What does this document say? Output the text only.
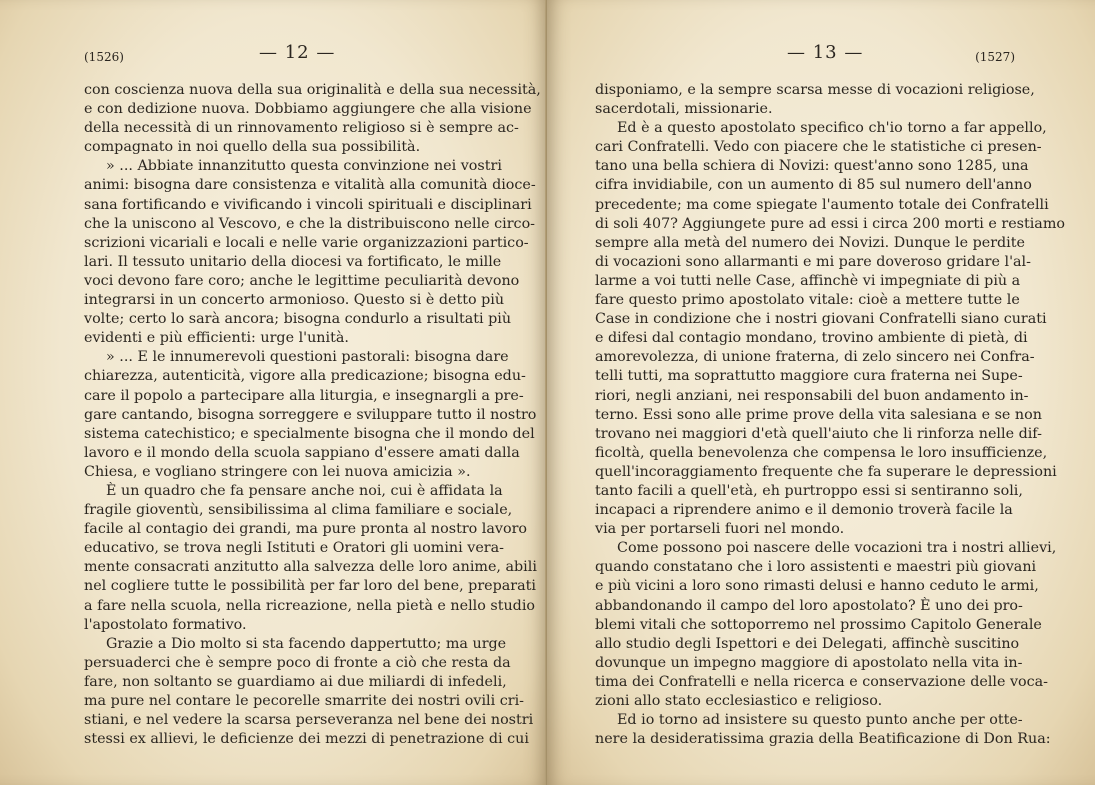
(1526)	— 12 —
con coscienza nuova della sua originalità e della sua necessità,
e con dedizione nuova. Dobbiamo aggiungere che alla visione
della necessità di un rinnovamento religioso si è sempre ac-
compagnato in noi quello della sua possibilità.
» ... Abbiate innanzitutto questa convinzione nei vostri
animi: bisogna dare consistenza e vitalità alla comunità dioce-
sana fortificando e vivificando i vincoli spirituali e disciplinari
che la uniscono al Vescovo, e che la distribuiscono nelle circo-
scrizioni vicariali e locali e nelle varie organizzazioni partico-
lari. Il tessuto unitario della diocesi va fortificato, le mille
voci devono fare coro; anche le legittime peculiarità devono
integrarsi in un concerto armonioso. Questo si è detto più
volte; certo lo sarà ancora; bisogna condurlo a risultati più
evidenti e più efficienti: urge l'unità.
» ... E le innumerevoli questioni pastorali: bisogna dare
chiarezza, autenticità, vigore alla predicazione; bisogna edu-
care il popolo a partecipare alla liturgia, e insegnargli a pre-
gare cantando, bisogna sorreggere e sviluppare tutto il nostro
sistema catechistico; e specialmente bisogna che il mondo del
lavoro e il mondo della scuola sappiano d'essere amati dalla
Chiesa, e vogliano stringere con lei nuova amicizia ».
È un quadro che fa pensare anche noi, cui è affidata la
fragile gioventù, sensibilissima al clima familiare e sociale,
facile al contagio dei grandi, ma pure pronta al nostro lavoro
educativo, se trova negli Istituti e Oratori gli uomini vera-
mente consacrati anzitutto alla salvezza delle loro anime, abili
nel cogliere tutte le possibilità per far loro del bene, preparati
a fare nella scuola, nella ricreazione, nella pietà e nello studio
l'apostolato formativo.
Grazie a Dio molto si sta facendo dappertutto; ma urge
persuaderci che è sempre poco di fronte a ciò che resta da
fare, non soltanto se guardiamo ai due miliardi di infedeli,
ma pure nel contare le pecorelle smarrite dei nostri ovili cri-
stiani, e nel vedere la scarsa perseveranza nel bene dei nostri
stessi ex allievi, le deficienze dei mezzi di penetrazione di cui
— 13 —	(1527)
disponiamo, e la sempre scarsa messe di vocazioni religiose,
sacerdotali, missionarie.
Ed è a questo apostolato specifico ch'io torno a far appello,
cari Confratelli. Vedo con piacere che le statistiche ci presen-
tano una bella schiera di Novizi: quest'anno sono 1285, una
cifra invidiabile, con un aumento di 85 sul numero dell'anno
precedente; ma come spiegate l'aumento totale dei Confratelli
di soli 407? Aggiungete pure ad essi i circa 200 morti e restiamo
sempre alla metà del numero dei Novizi. Dunque le perdite
di vocazioni sono allarmanti e mi pare doveroso gridare l'al-
larme a voi tutti nelle Case, affinchè vi impegniate di più a
fare questo primo apostolato vitale: cioè a mettere tutte le
Case in condizione che i nostri giovani Confratelli siano curati
e difesi dal contagio mondano, trovino ambiente di pietà, di
amorevolezza, di unione fraterna, di zelo sincero nei Confra-
telli tutti, ma soprattutto maggiore cura fraterna nei Supe-
riori, negli anziani, nei responsabili del buon andamento in-
terno. Essi sono alle prime prove della vita salesiana e se non
trovano nei maggiori d'età quell'aiuto che li rinforza nelle dif-
ficoltà, quella benevolenza che compensa le loro insufficienze,
quell'incoraggiamento frequente che fa superare le depressioni
tanto facili a quell'età, eh purtroppo essi si sentiranno soli,
incapaci a riprendere animo e il demonio troverà facile la
via per portarseli fuori nel mondo.
Come possono poi nascere delle vocazioni tra i nostri allievi,
quando constatano che i loro assistenti e maestri più giovani
e più vicini a loro sono rimasti delusi e hanno ceduto le armi,
abbandonando il campo del loro apostolato? È uno dei pro-
blemi vitali che sottoporremo nel prossimo Capitolo Generale
allo studio degli Ispettori e dei Delegati, affinchè suscitino
dovunque un impegno maggiore di apostolato nella vita in-
tima dei Confratelli e nella ricerca e conservazione delle voca-
zioni allo stato ecclesiastico e religioso.
Ed io torno ad insistere su questo punto anche per otte-
nere la desideratissima grazia della Beatificazione di Don Rua:
